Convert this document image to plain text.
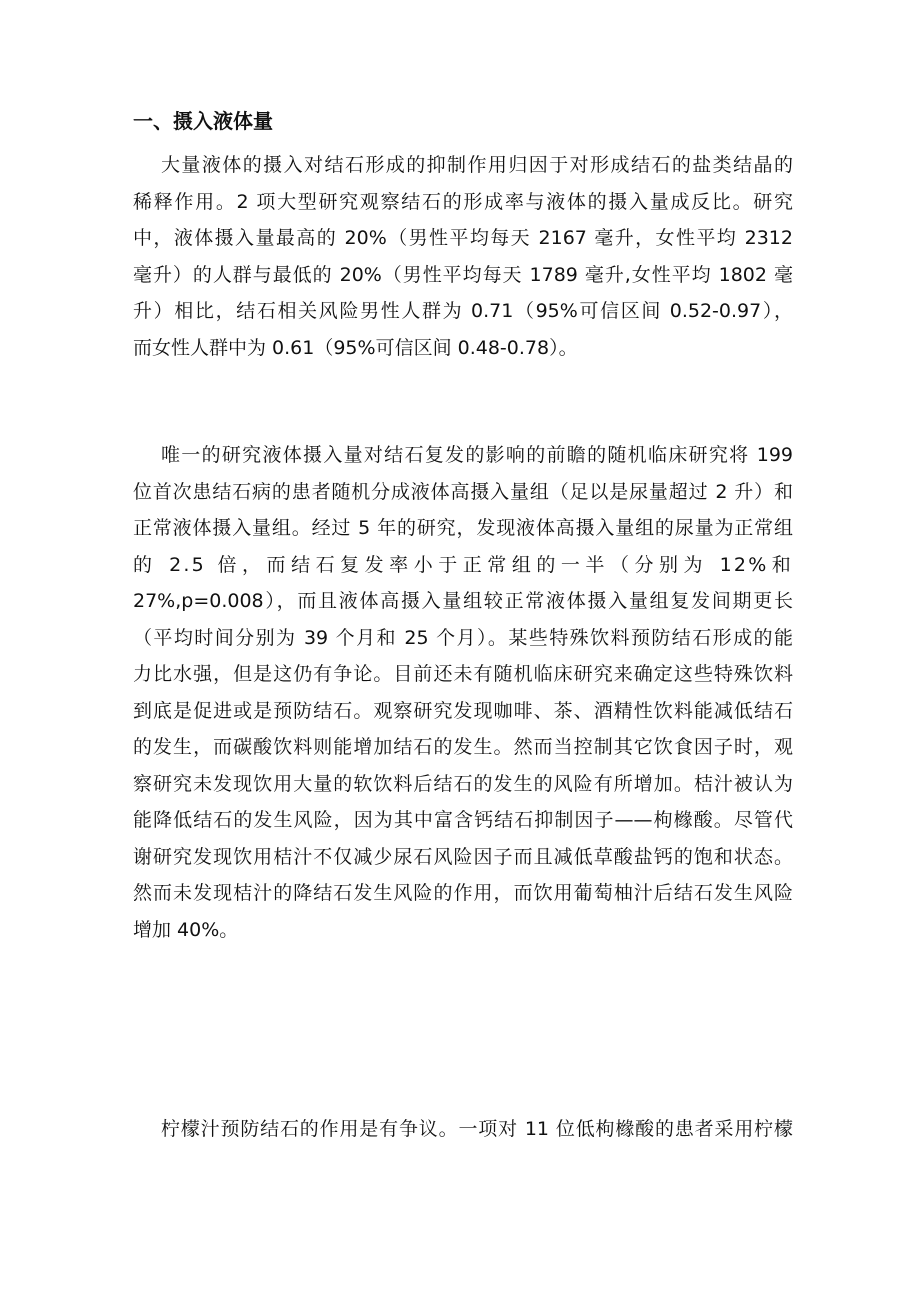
一、摄入液体量

大量液体的摄入对结石形成的抑制作用归因于对形成结石的盐类结晶的
稀释作用。2 项大型研究观察结石的形成率与液体的摄入量成反比。研究
中，液体摄入量最高的 20%（男性平均每天 2167 毫升，女性平均 2312
毫升）的人群与最低的 20%（男性平均每天 1789 毫升,女性平均 1802 毫
升）相比，结石相关风险男性人群为 0.71（95%可信区间 0.52-0.97），
而女性人群中为 0.61（95%可信区间 0.48-0.78）。

唯一的研究液体摄入量对结石复发的影响的前瞻的随机临床研究将 199
位首次患结石病的患者随机分成液体高摄入量组（足以是尿量超过 2 升）和
正常液体摄入量组。经过 5 年的研究，发现液体高摄入量组的尿量为正常组
的 2.5 倍，而结石复发率小于正常组的一半（分别为 12%和
27%,p=0.008），而且液体高摄入量组较正常液体摄入量组复发间期更长
（平均时间分别为 39 个月和 25 个月）。某些特殊饮料预防结石形成的能
力比水强，但是这仍有争论。目前还未有随机临床研究来确定这些特殊饮料
到底是促进或是预防结石。观察研究发现咖啡、茶、酒精性饮料能减低结石
的发生，而碳酸饮料则能增加结石的发生。然而当控制其它饮食因子时，观
察研究未发现饮用大量的软饮料后结石的发生的风险有所增加。桔汁被认为
能降低结石的发生风险，因为其中富含钙结石抑制因子——枸橼酸。尽管代
谢研究发现饮用桔汁不仅减少尿石风险因子而且减低草酸盐钙的饱和状态。
然而未发现桔汁的降结石发生风险的作用，而饮用葡萄柚汁后结石发生风险
增加 40%。

柠檬汁预防结石的作用是有争议。一项对 11 位低枸橼酸的患者采用柠檬
